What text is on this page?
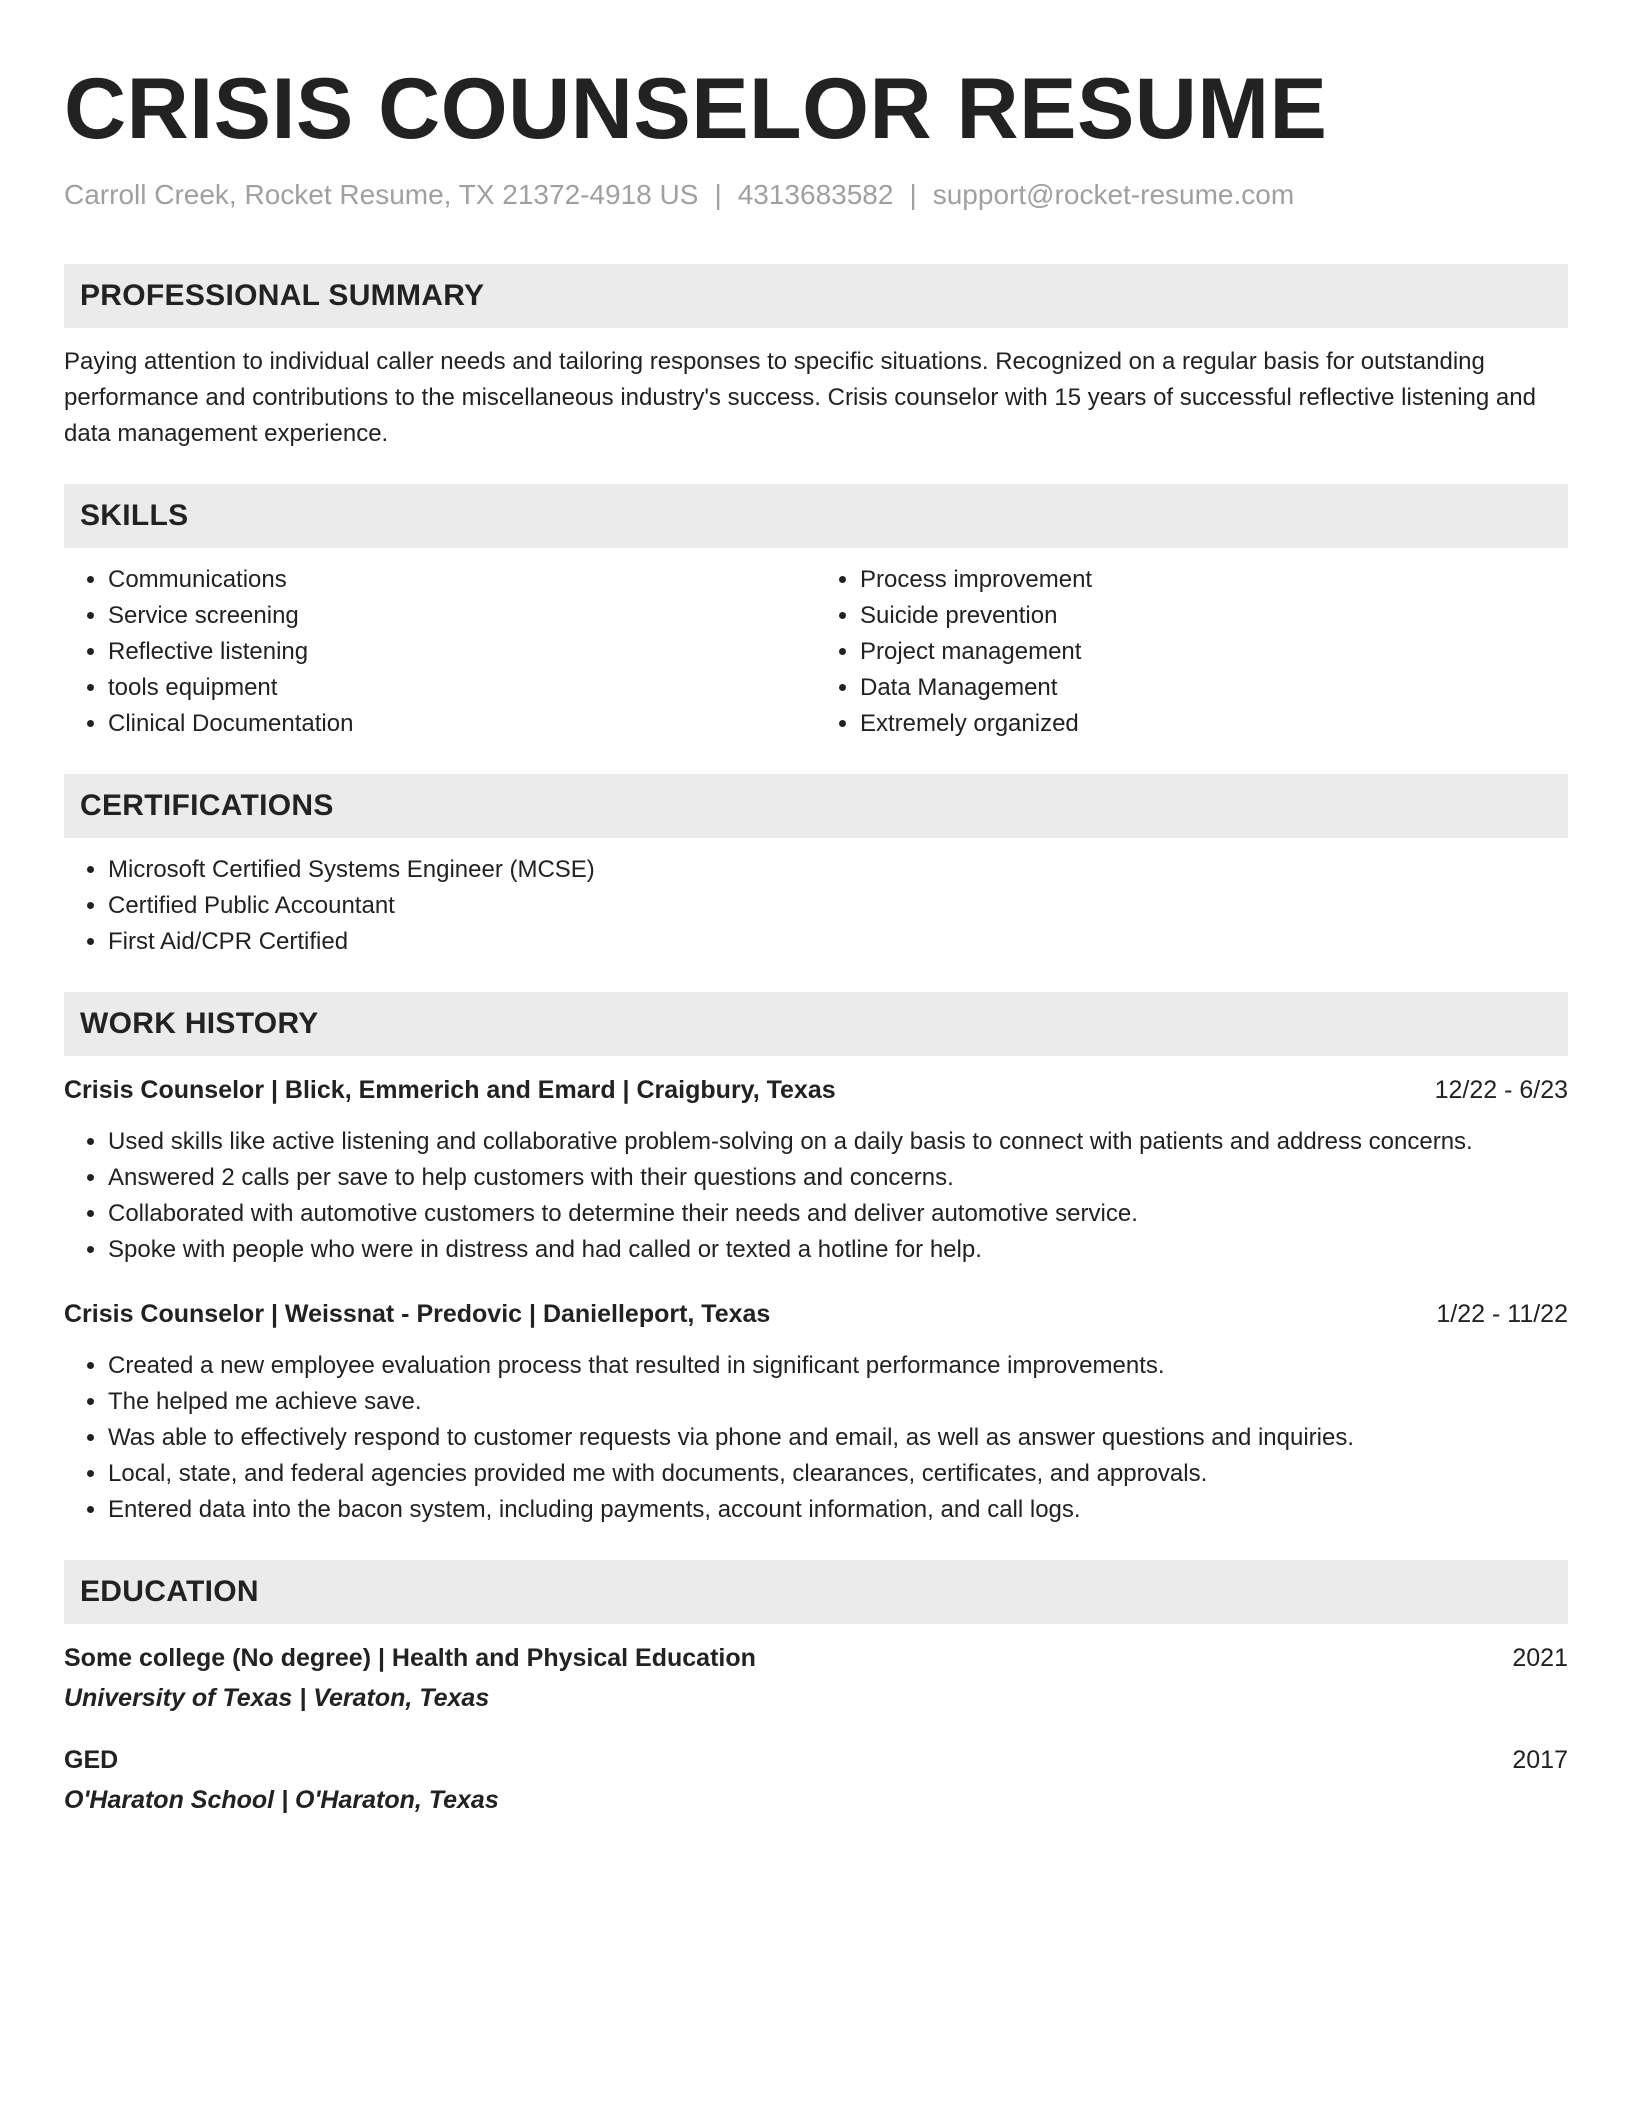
CRISIS COUNSELOR RESUME
Carroll Creek, Rocket Resume, TX 21372-4918 US | 4313683582 | support@rocket-resume.com
PROFESSIONAL SUMMARY

Paying attention to individual caller needs and tailoring responses to specific situations. Recognized on a regular basis for outstanding performance and contributions to the miscellaneous industry's success. Crisis counselor with 15 years of successful reflective listening and data management experience.

SKILLS
• Communications
• Service screening
• Reflective listening
• tools equipment
• Clinical Documentation
• Process improvement
• Suicide prevention
• Project management
• Data Management
• Extremely organized
CERTIFICATIONS
• Microsoft Certified Systems Engineer (MCSE)
• Certified Public Accountant
• First Aid/CPR Certified
WORK HISTORY
Crisis Counselor | Blick, Emmerich and Emard | Craigbury, Texas	12/22 - 6/23
• Used skills like active listening and collaborative problem-solving on a daily basis to connect with patients and address concerns.
• Answered 2 calls per save to help customers with their questions and concerns.
• Collaborated with automotive customers to determine their needs and deliver automotive service.
• Spoke with people who were in distress and had called or texted a hotline for help.
Crisis Counselor | Weissnat - Predovic | Danielleport, Texas	1/22 - 11/22
• Created a new employee evaluation process that resulted in significant performance improvements.
• The helped me achieve save.
• Was able to effectively respond to customer requests via phone and email, as well as answer questions and inquiries.
• Local, state, and federal agencies provided me with documents, clearances, certificates, and approvals.
• Entered data into the bacon system, including payments, account information, and call logs.
EDUCATION
Some college (No degree) | Health and Physical Education	2021
University of Texas | Veraton, Texas
GED	2017
O'Haraton School | O'Haraton, Texas
